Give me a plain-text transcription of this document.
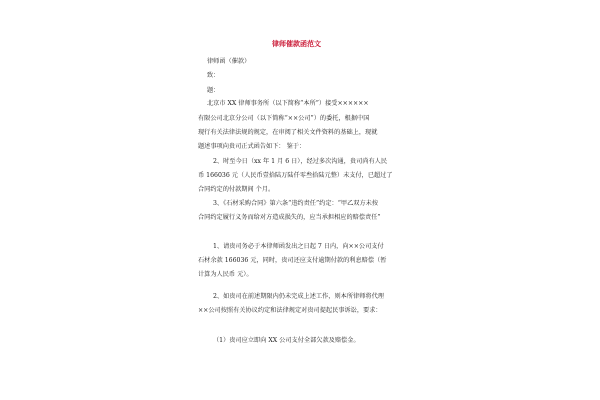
律师催款函范文
律师函（催款）
致：
题：
北京市 XX 律师事务所（以下简称“本所”）接受××××××
有限公司北京分公司（以下简称“××公司”）的委托，根据中国
现行有关法律法规的规定，在审阅了相关文件资料的基础上，现就
题述事项向贵司正式函告如下： 鉴于：
2、时至今日（xx 年 1 月 6 日），经过多次沟通，贵司尚有人民
币 166036 元（人民币壹拾陆万陆仟零叁拾陆元整）未支付，已超过了
合同约定的付款期间 个月。
3、《石材采购合同》第六条“违约责任”约定：“甲乙双方未按
合同约定履行义务而给对方造成损失的，应当承担相应的赔偿责任”
1、请贵司务必于本律师函发出之日起 7 日内，向××公司支付
石材余款 166036 元，同时，贵司还应支付逾期付款的利息赔偿（暂
计算为人民币 元）。
2、如贵司在前述期限内仍未完成上述工作，则本所律师将代理
××公司按照有关协议约定和法律规定对贵司提起民事诉讼，要求：
（1）贵司应立即向 XX 公司支付全部欠款及赔偿金。
